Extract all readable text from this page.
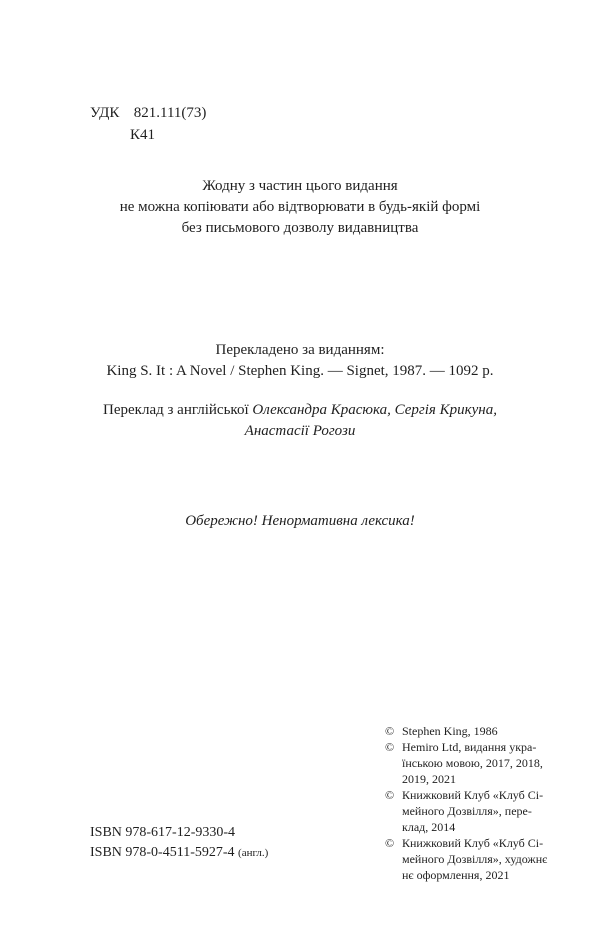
УДК 821.111(73)
К41
Жодну з частин цього видання
не можна копіювати або відтворювати в будь-якій формі
без письмового дозволу видавництва
Перекладено за виданням:
King S. It : A Novel / Stephen King. — Signet, 1987. — 1092 p.
Переклад з англійської Олександра Красюка, Сергія Крикуна,
Анастасії Рогози
Обережно! Ненормативна лексика!
© Stephen King, 1986
© Hemiro Ltd, видання укра-
їнською мовою, 2017, 2018,
2019, 2021
© Книжковий Клуб «Клуб Сі-
мейного Дозвілля», пере-
клад, 2014
© Книжковий Клуб «Клуб Сі-
мейного Дозвілля», художнє
нє оформлення, 2021
ISBN 978-617-12-9330-4
ISBN 978-0-4511-5927-4 (англ.)
